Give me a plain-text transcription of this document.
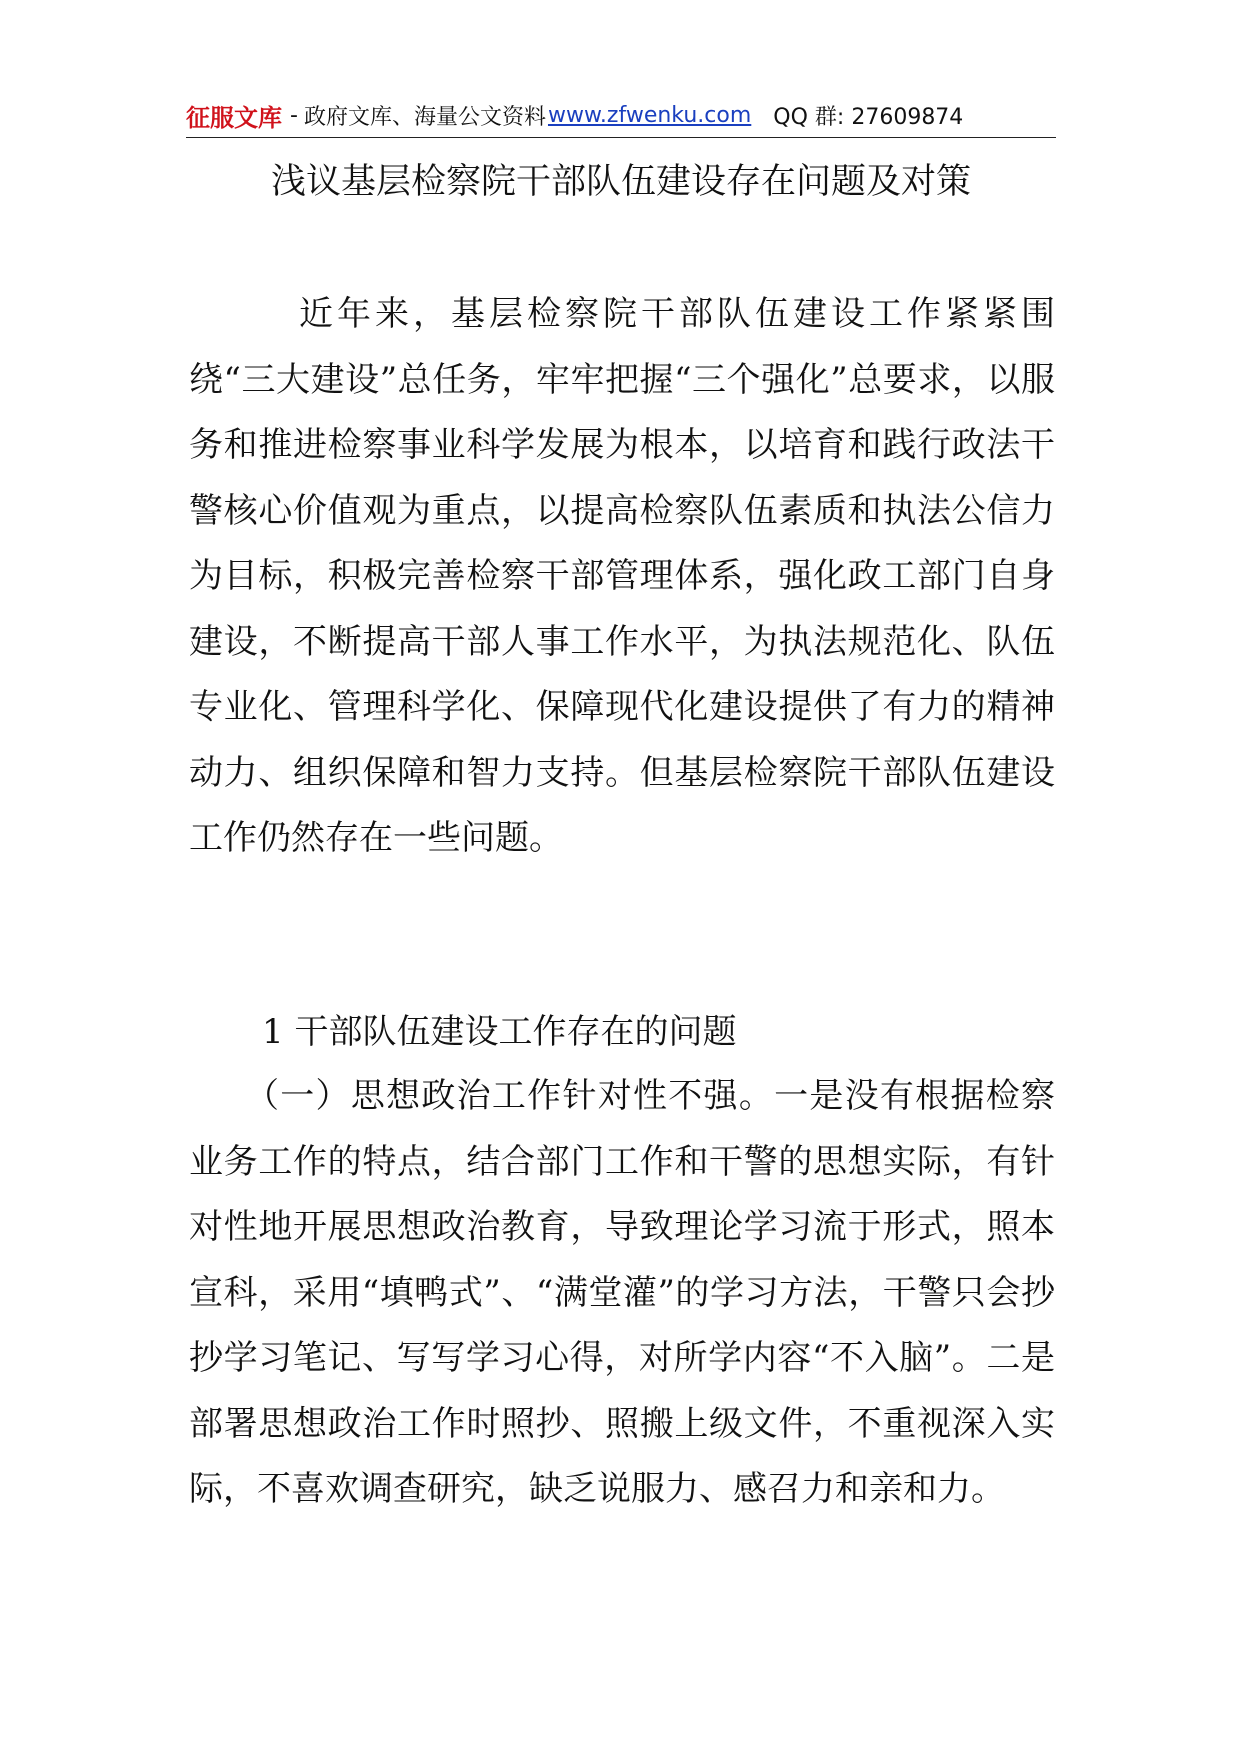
征服文库 - 政府文库、海量公文资料 www.zfwenku.com QQ 群: 27609874
浅议基层检察院干部队伍建设存在问题及对策

近年来，基层检察院干部队伍建设工作紧紧围绕“三大建设”总任务，牢牢把握“三个强化”总要求，以服务和推进检察事业科学发展为根本，以培育和践行政法干警核心价值观为重点，以提高检察队伍素质和执法公信力为目标，积极完善检察干部管理体系，强化政工部门自身建设，不断提高干部人事工作水平，为执法规范化、队伍专业化、管理科学化、保障现代化建设提供了有力的精神动力、组织保障和智力支持。但基层检察院干部队伍建设工作仍然存在一些问题。

1 干部队伍建设工作存在的问题

（一）思想政治工作针对性不强。一是没有根据检察业务工作的特点，结合部门工作和干警的思想实际，有针对性地开展思想政治教育，导致理论学习流于形式，照本宣科，采用“填鸭式”、“满堂灌”的学习方法，干警只会抄抄学习笔记、写写学习心得，对所学内容“不入脑”。二是部署思想政治工作时照抄、照搬上级文件，不重视深入实际，不喜欢调查研究，缺乏说服力、感召力和亲和力。
